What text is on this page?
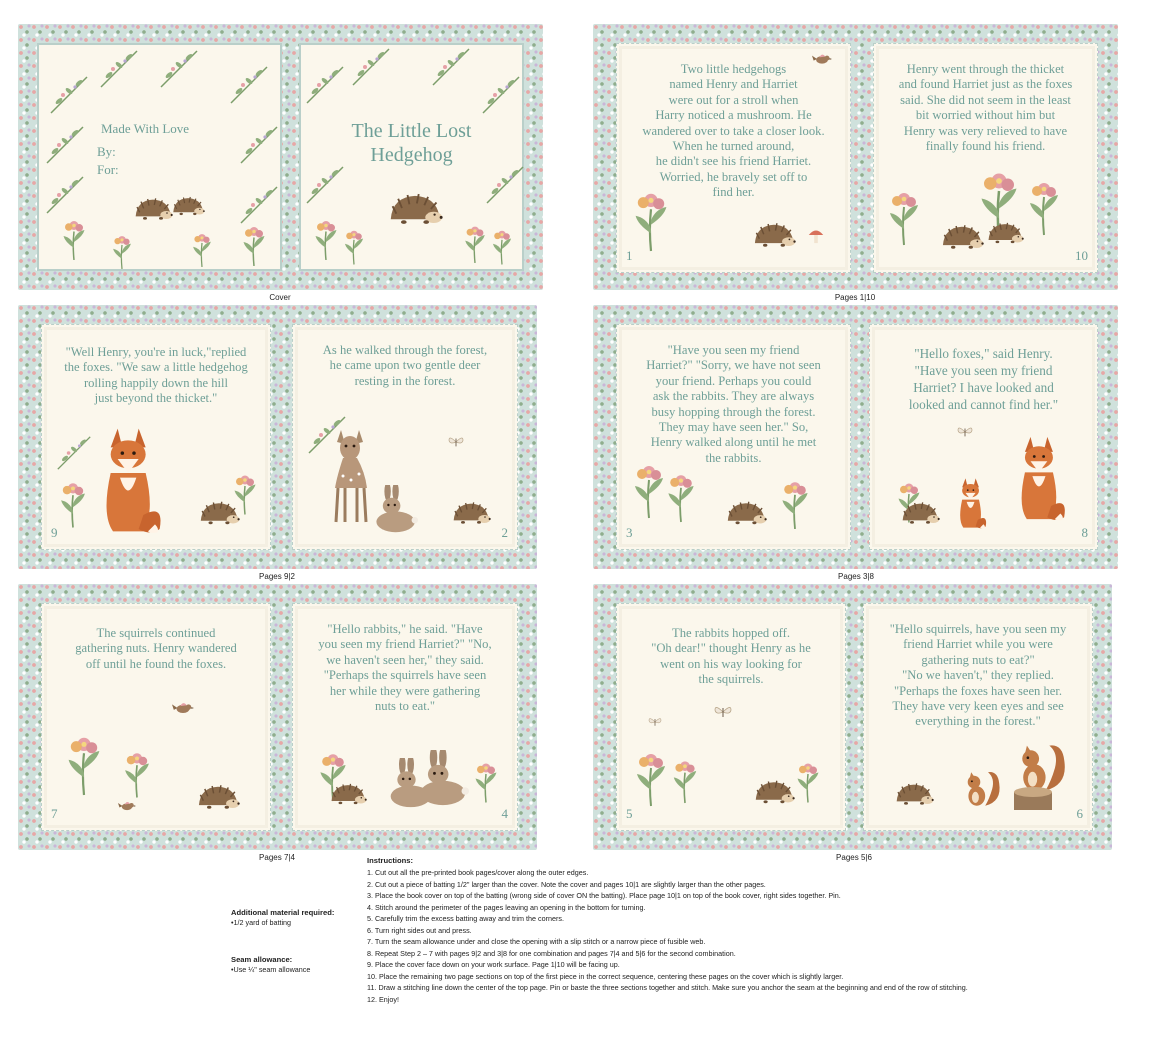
Made With Love
By:
For:
The Little Lost
Hedgehog
Cover
Two little hedgehogs
named Henry and Harriet
were out for a stroll when
Harry noticed a mushroom. He
wandered over to take a closer look.
When he turned around,
he didn't see his friend Harriet.
Worried, he bravely set off to
find her.
1
Henry went through the thicket
and found Harriet just as the foxes
said. She did not seem in the least
bit worried without him but
Henry was very relieved to have
finally found his friend.
10
Pages 1|10
"Well Henry, you're in luck,"replied
the foxes. "We saw a little hedgehog
rolling happily down the hill
just beyond the thicket."
9
As he walked through the forest,
he came upon two gentle deer
resting in the forest.
2
Pages 9|2
"Have you seen my friend
Harriet?" "Sorry, we have not seen
your friend. Perhaps you could
ask the rabbits. They are always
busy hopping through the forest.
They may have seen her." So,
Henry walked along until he met
the rabbits.
3
"Hello foxes," said Henry.
"Have you seen my friend
Harriet? I have looked and
looked and cannot find her."
8
Pages 3|8
The squirrels continued
gathering nuts. Henry wandered
off until he found the foxes.
7
"Hello rabbits," he said. "Have
you seen my friend Harriet?" "No,
we haven't seen her," they said.
"Perhaps the squirrels have seen
her while they were gathering
nuts to eat."
4
Pages 7|4
The rabbits hopped off.
"Oh dear!" thought Henry as he
went on his way looking for
the squirrels.
5
"Hello squirrels, have you seen my
friend Harriet while you were
gathering nuts to eat?"
"No we haven't," they replied.
"Perhaps the foxes have seen her.
They have very keen eyes and see
everything in the forest."
6
Pages 5|6
Additional material required:
•1/2 yard of batting
Seam allowance:
•Use ¼" seam allowance
Instructions:
1. Cut out all the pre-printed book pages/cover along the outer edges.
2. Cut out a piece of batting 1/2" larger than the cover. Note the cover and pages 10|1 are slightly larger than the other pages.
3. Place the book cover on top of the batting (wrong side of cover ON the batting). Place page 10|1 on top of the book cover, right sides together. Pin.
4. Stitch around the perimeter of the pages leaving an opening in the bottom for turning.
5. Carefully trim the excess batting away and trim the corners.
6. Turn right sides out and press.
7. Turn the seam allowance under and close the opening with a slip stitch or a narrow piece of fusible web.
8. Repeat Step 2 – 7 with pages 9|2 and 3|8 for one combination and pages 7|4 and 5|6 for the second combination.
9. Place the cover face down on your work surface. Page 1|10 will be facing up.
10. Place the remaining two page sections on top of the first piece in the correct sequence, centering these pages on the cover which is slightly larger.
11. Draw a stitching line down the center of the top page. Pin or baste the three sections together and stitch. Make sure you anchor the seam at the beginning and end of the row of stitching.
12. Enjoy!
